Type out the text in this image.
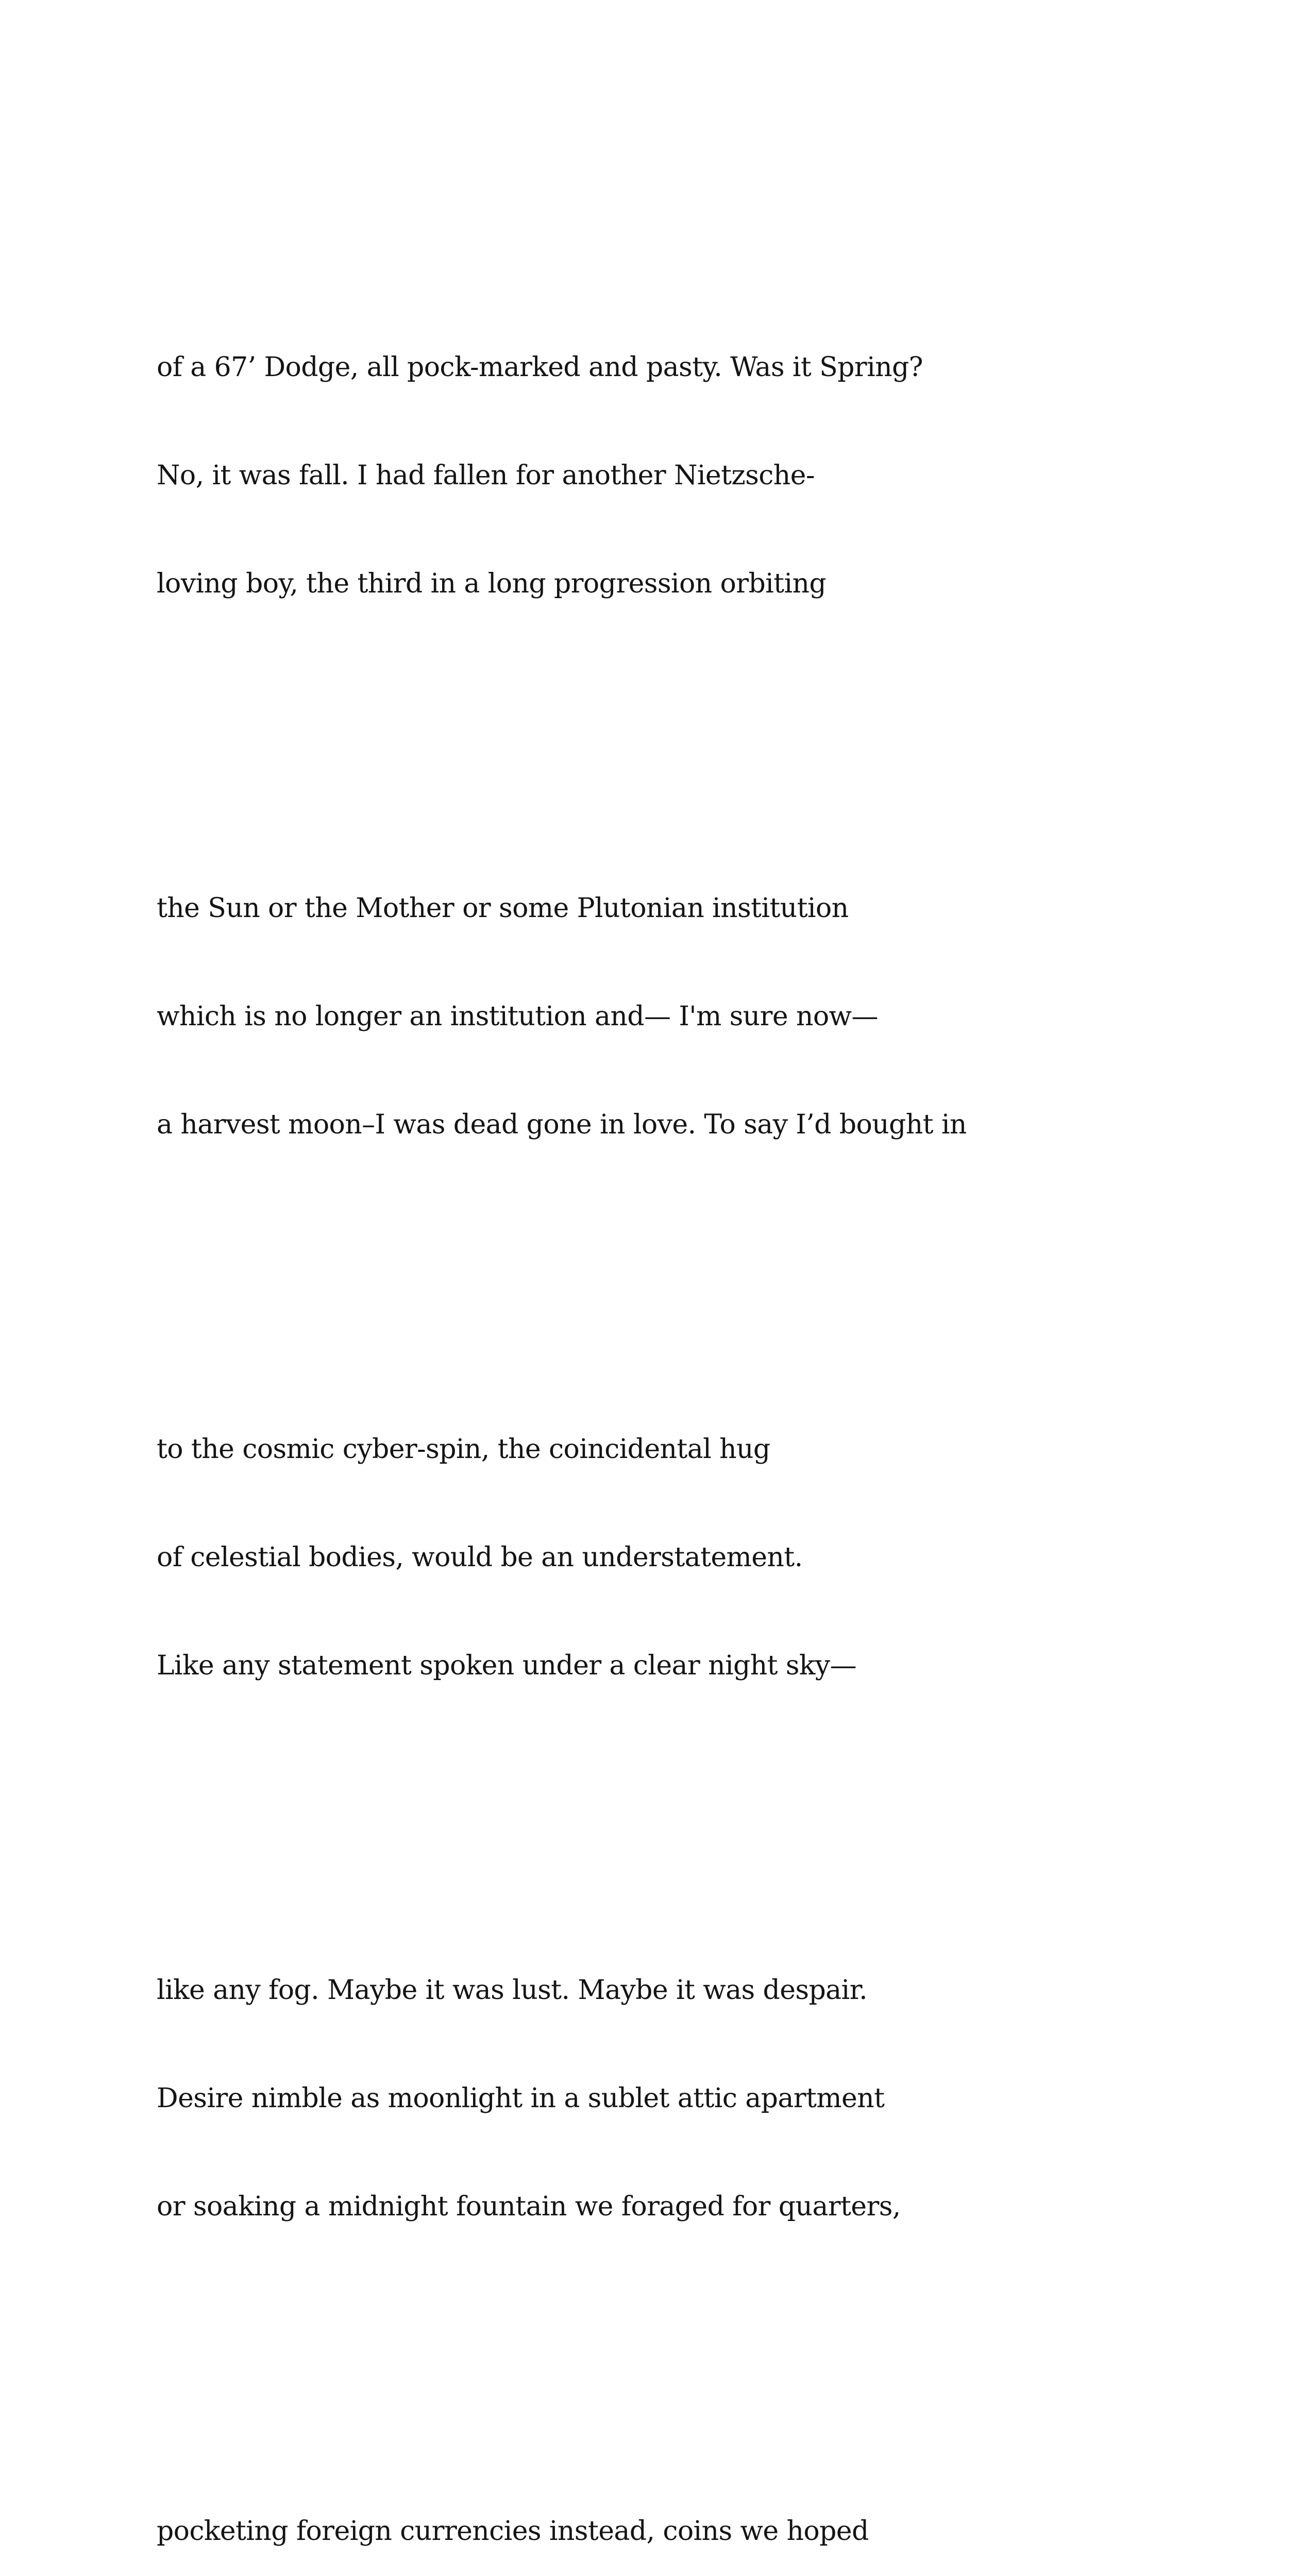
of a 67’ Dodge, all pock-marked and pasty. Was it Spring?

No, it was fall. I had fallen for another Nietzsche-

loving boy, the third in a long progression orbiting

the Sun or the Mother or some Plutonian institution

which is no longer an institution and— I'm sure now—

a harvest moon–I was dead gone in love. To say I’d bought in

to the cosmic cyber-spin, the coincidental hug

of celestial bodies, would be an understatement.

Like any statement spoken under a clear night sky—

like any fog. Maybe it was lust. Maybe it was despair.

Desire nimble as moonlight in a sublet attic apartment

or soaking a midnight fountain we foraged for quarters,

pocketing foreign currencies instead, coins we hoped
